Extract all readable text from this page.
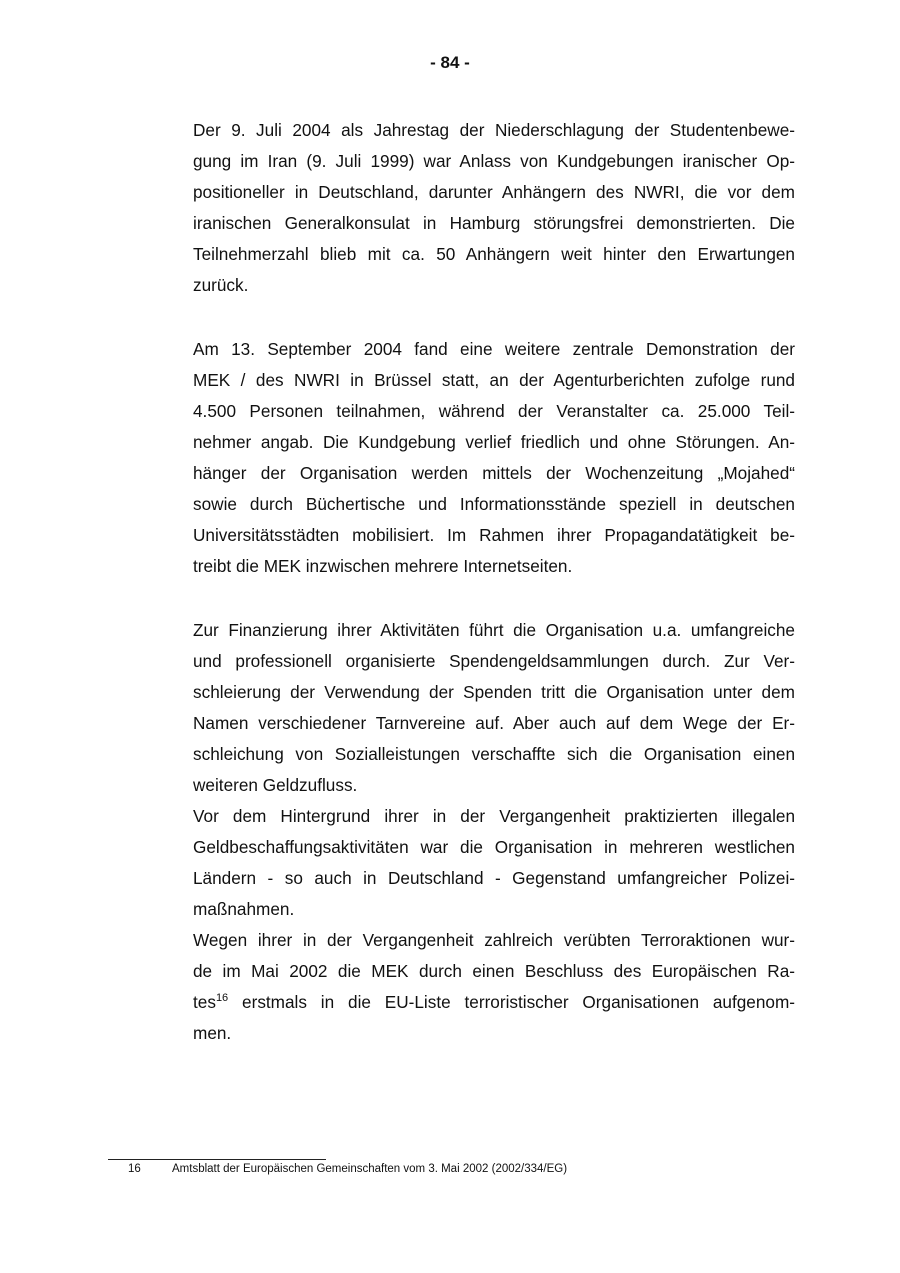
- 84 -
Der 9. Juli 2004 als Jahrestag der Niederschlagung der Studentenbewe-
gung im Iran (9. Juli 1999) war Anlass von Kundgebungen iranischer Op-
positioneller in Deutschland, darunter Anhängern des NWRI, die vor dem
iranischen Generalkonsulat in Hamburg störungsfrei demonstrierten. Die
Teilnehmerzahl blieb mit ca. 50 Anhängern weit hinter den Erwartungen
zurück.
Am 13. September 2004 fand eine weitere zentrale Demonstration der
MEK / des NWRI in Brüssel statt, an der Agenturberichten zufolge rund
4.500 Personen teilnahmen, während der Veranstalter ca. 25.000 Teil-
nehmer angab. Die Kundgebung verlief friedlich und ohne Störungen. An-
hänger der Organisation werden mittels der Wochenzeitung „Mojahed“
sowie durch Büchertische und Informationsstände speziell in deutschen
Universitätsstädten mobilisiert. Im Rahmen ihrer Propagandatätigkeit be-
treibt die MEK inzwischen mehrere Internetseiten.
Zur Finanzierung ihrer Aktivitäten führt die Organisation u.a. umfangreiche
und professionell organisierte Spendengeldsammlungen durch. Zur Ver-
schleierung der Verwendung der Spenden tritt die Organisation unter dem
Namen verschiedener Tarnvereine auf. Aber auch auf dem Wege der Er-
schleichung von Sozialleistungen verschaffte sich die Organisation einen
weiteren Geldzufluss.
Vor dem Hintergrund ihrer in der Vergangenheit praktizierten illegalen
Geldbeschaffungsaktivitäten war die Organisation in mehreren westlichen
Ländern - so auch in Deutschland - Gegenstand umfangreicher Polizei-
maßnahmen.
Wegen ihrer in der Vergangenheit zahlreich verübten Terroraktionen wur-
de im Mai 2002 die MEK durch einen Beschluss des Europäischen Ra-
tes$^{16}$ erstmals in die EU-Liste terroristischer Organisationen aufgenom-
men.
16	Amtsblatt der Europäischen Gemeinschaften vom 3. Mai 2002 (2002/334/EG)
